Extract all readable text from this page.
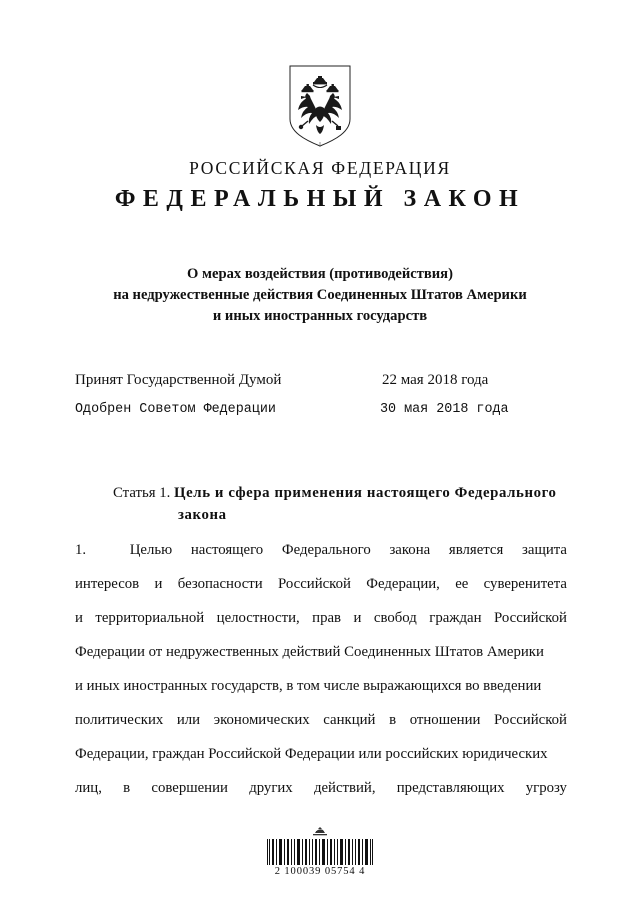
РОССИЙСКАЯ ФЕДЕРАЦИЯ
ФЕДЕРАЛЬНЫЙ ЗАКОН
О мерах воздействия (противодействия)
на недружественные действия Соединенных Штатов Америки
и иных иностранных государств
Принят Государственной Думой	22 мая 2018 года
Одобрен Советом Федерации	30 мая 2018 года
Статья 1. Цель и сфера применения настоящего Федерального
закона
1.	Целью настоящего Федерального закона является защита
интересов и безопасности Российской Федерации, ее суверенитета
и территориальной целостности, прав и свобод граждан Российской
Федерации от недружественных действий Соединенных Штатов Америки
и иных иностранных государств, в том числе выражающихся во введении
политических или экономических санкций в отношении Российской
Федерации, граждан Российской Федерации или российских юридических
лиц, в совершении других действий, представляющих угрозу
2 100039 05754 4
